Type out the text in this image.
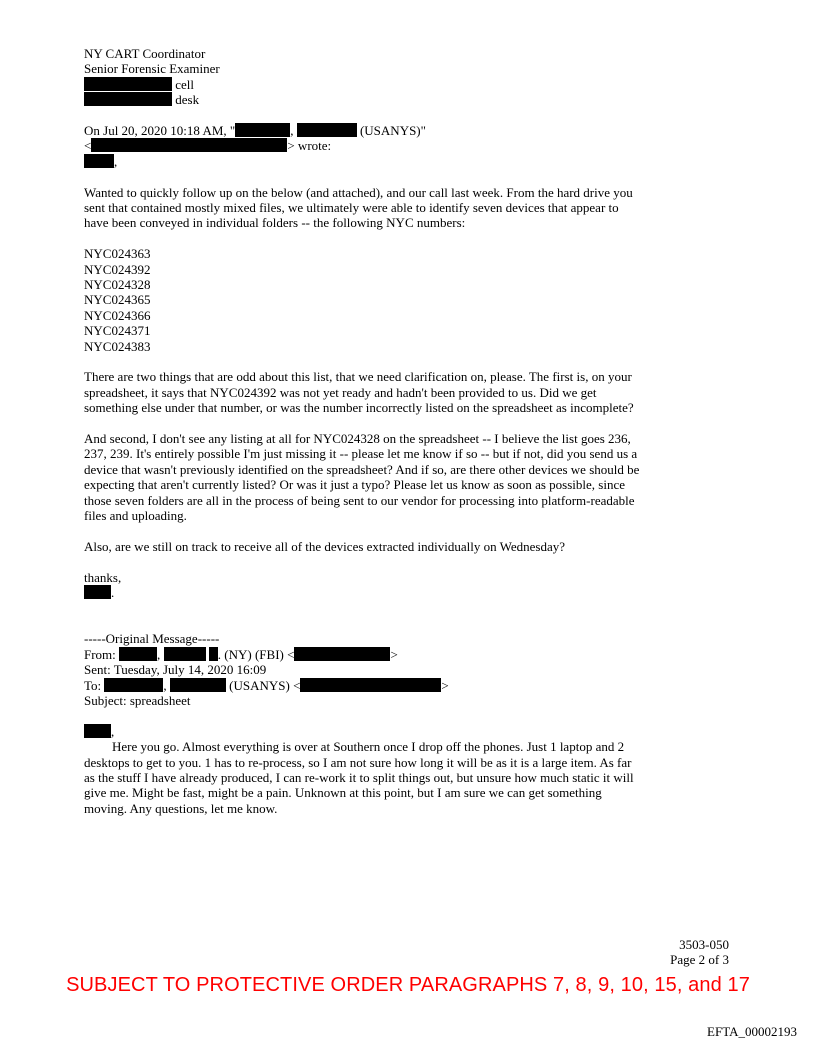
NY CART Coordinator
Senior Forensic Examiner
cell
desk
On Jul 20, 2020 10:18 AM, "	,	(USANYS)"
<	> wrote:
,
Wanted to quickly follow up on the below (and attached), and our call last week. From the hard drive you sent that contained mostly mixed files, we ultimately were able to identify seven devices that appear to have been conveyed in individual folders -- the following NYC numbers:
NYC024363
NYC024392
NYC024328
NYC024365
NYC024366
NYC024371
NYC024383
There are two things that are odd about this list, that we need clarification on, please. The first is, on your spreadsheet, it says that NYC024392 was not yet ready and hadn't been provided to us. Did we get something else under that number, or was the number incorrectly listed on the spreadsheet as incomplete?
And second, I don't see any listing at all for NYC024328 on the spreadsheet -- I believe the list goes 236, 237, 239. It's entirely possible I'm just missing it -- please let me know if so -- but if not, did you send us a device that wasn't previously identified on the spreadsheet? And if so, are there other devices we should be expecting that aren't currently listed? Or was it just a typo? Please let us know as soon as possible, since those seven folders are all in the process of being sent to our vendor for processing into platform-readable files and uploading.
Also, are we still on track to receive all of the devices extracted individually on Wednesday?
thanks,
.
-----Original Message-----
From:	,	. (NY) (FBI) <	>
Sent: Tuesday, July 14, 2020 16:09
To:	,	(USANYS) <	>
Subject: spreadsheet
,
Here you go. Almost everything is over at Southern once I drop off the phones. Just 1 laptop and 2 desktops to get to you. 1 has to re-process, so I am not sure how long it will be as it is a large item. As far as the stuff I have already produced, I can re-work it to split things out, but unsure how much static it will give me. Might be fast, might be a pain. Unknown at this point, but I am sure we can get something moving. Any questions, let me know.
3503-050
Page 2 of 3
SUBJECT TO PROTECTIVE ORDER PARAGRAPHS 7, 8, 9, 10, 15, and 17
EFTA_00002193
